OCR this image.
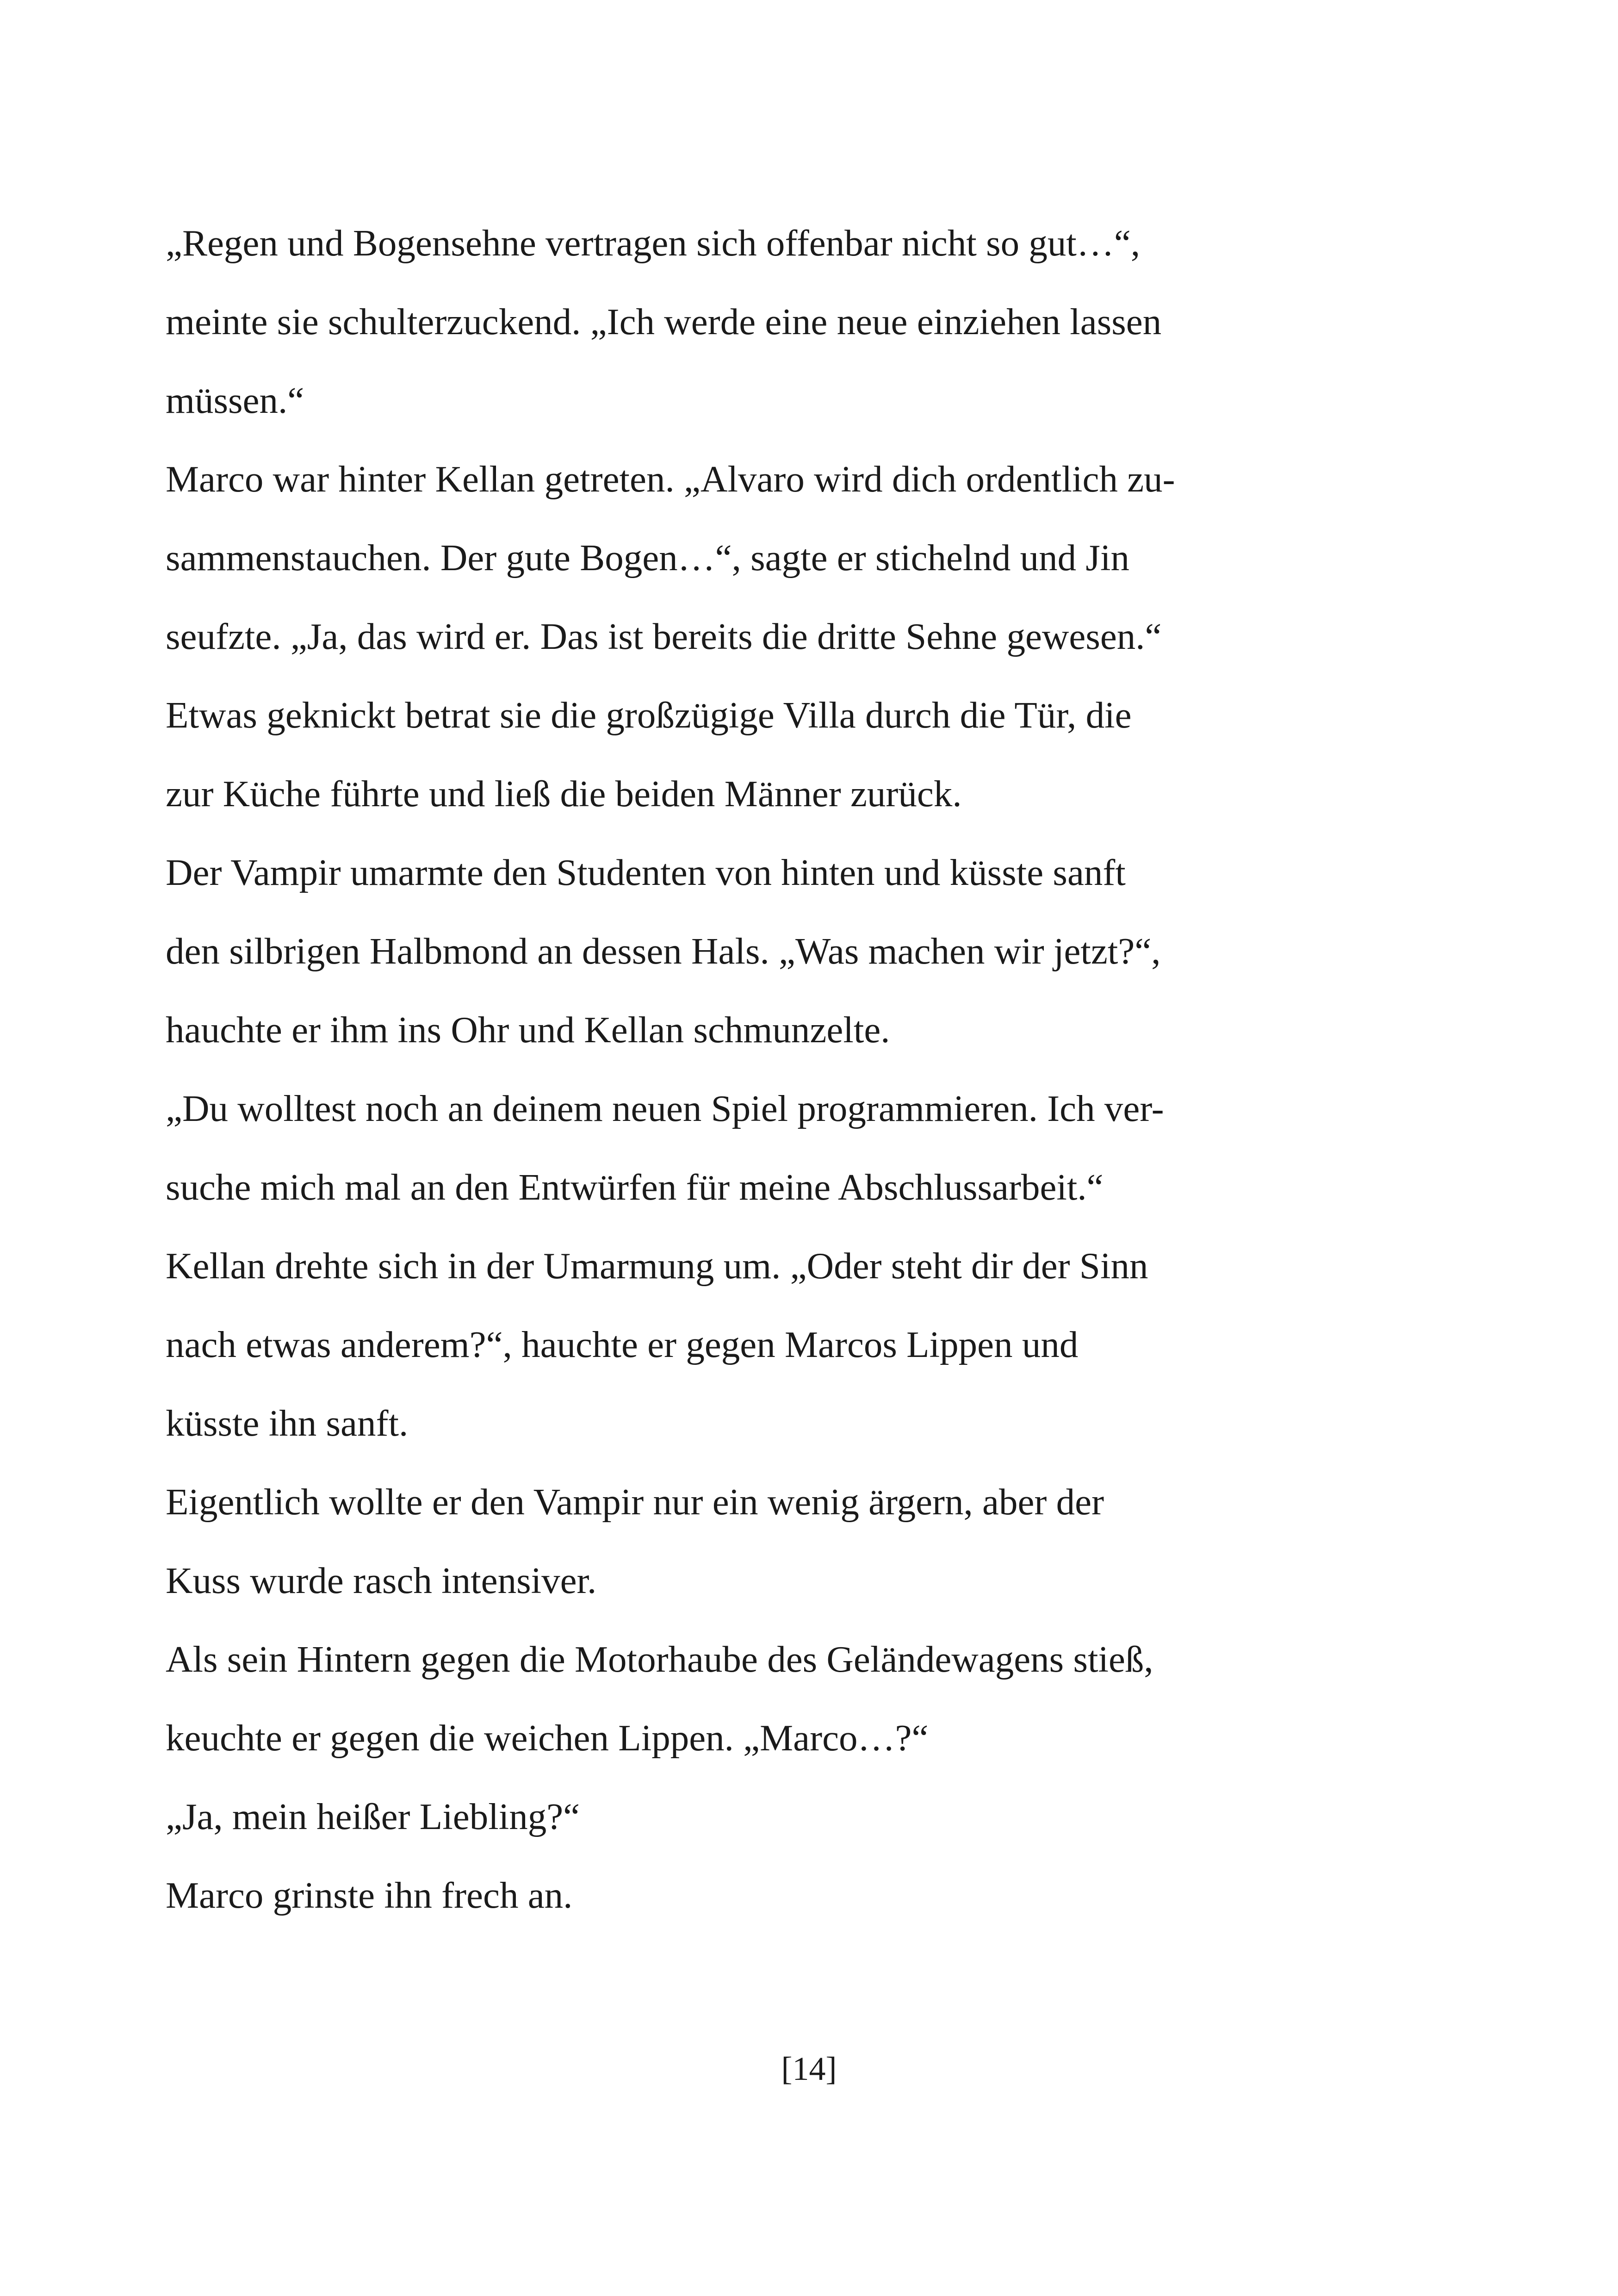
„Regen und Bogensehne vertragen sich offenbar nicht so gut…“,
meinte sie schulterzuckend. „Ich werde eine neue einziehen lassen
müssen.“
Marco war hinter Kellan getreten. „Alvaro wird dich ordentlich zu-
sammenstauchen. Der gute Bogen…“, sagte er stichelnd und Jin
seufzte. „Ja, das wird er. Das ist bereits die dritte Sehne gewesen.“
Etwas geknickt betrat sie die großzügige Villa durch die Tür, die
zur Küche führte und ließ die beiden Männer zurück.
Der Vampir umarmte den Studenten von hinten und küsste sanft
den silbrigen Halbmond an dessen Hals. „Was machen wir jetzt?“,
hauchte er ihm ins Ohr und Kellan schmunzelte.
„Du wolltest noch an deinem neuen Spiel programmieren. Ich ver-
suche mich mal an den Entwürfen für meine Abschlussarbeit.“
Kellan drehte sich in der Umarmung um. „Oder steht dir der Sinn
nach etwas anderem?“, hauchte er gegen Marcos Lippen und
küsste ihn sanft.
Eigentlich wollte er den Vampir nur ein wenig ärgern, aber der
Kuss wurde rasch intensiver.
Als sein Hintern gegen die Motorhaube des Geländewagens stieß,
keuchte er gegen die weichen Lippen. „Marco…?“
„Ja, mein heißer Liebling?“
Marco grinste ihn frech an.
[14]
